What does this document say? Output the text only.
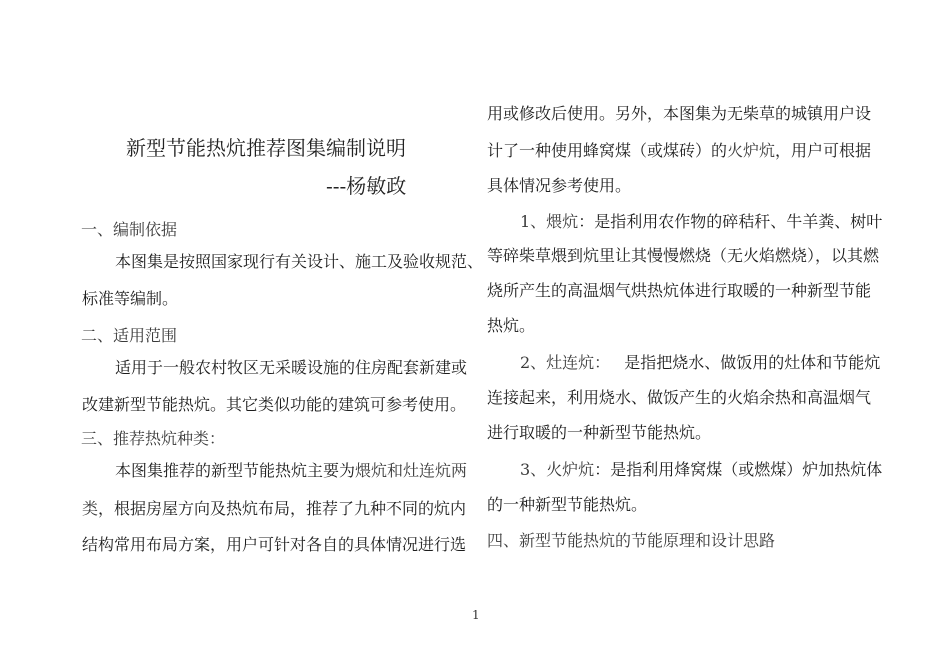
新型节能热炕推荐图集编制说明
---杨敏政
一、编制依据
本图集是按照国家现行有关设计、施工及验收规范、
标准等编制。
二、适用范围
适用于一般农村牧区无采暖设施的住房配套新建或
改建新型节能热炕。其它类似功能的建筑可参考使用。
三、推荐热炕种类：
本图集推荐的新型节能热炕主要为煨炕和灶连炕两
类，根据房屋方向及热炕布局，推荐了九种不同的炕内
结构常用布局方案，用户可针对各自的具体情况进行选
用或修改后使用。另外，本图集为无柴草的城镇用户设
计了一种使用蜂窝煤（或煤砖）的火炉炕，用户可根据
具体情况参考使用。
1、煨炕：是指利用农作物的碎秸秆、牛羊粪、树叶
等碎柴草煨到炕里让其慢慢燃烧（无火焰燃烧），以其燃
烧所产生的高温烟气烘热炕体进行取暖的一种新型节能
热炕。
2、灶连炕： 是指把烧水、做饭用的灶体和节能炕
连接起来，利用烧水、做饭产生的火焰余热和高温烟气
进行取暖的一种新型节能热炕。
3、火炉炕：是指利用烽窝煤（或燃煤）炉加热炕体
的一种新型节能热炕。
四、新型节能热炕的节能原理和设计思路
1
